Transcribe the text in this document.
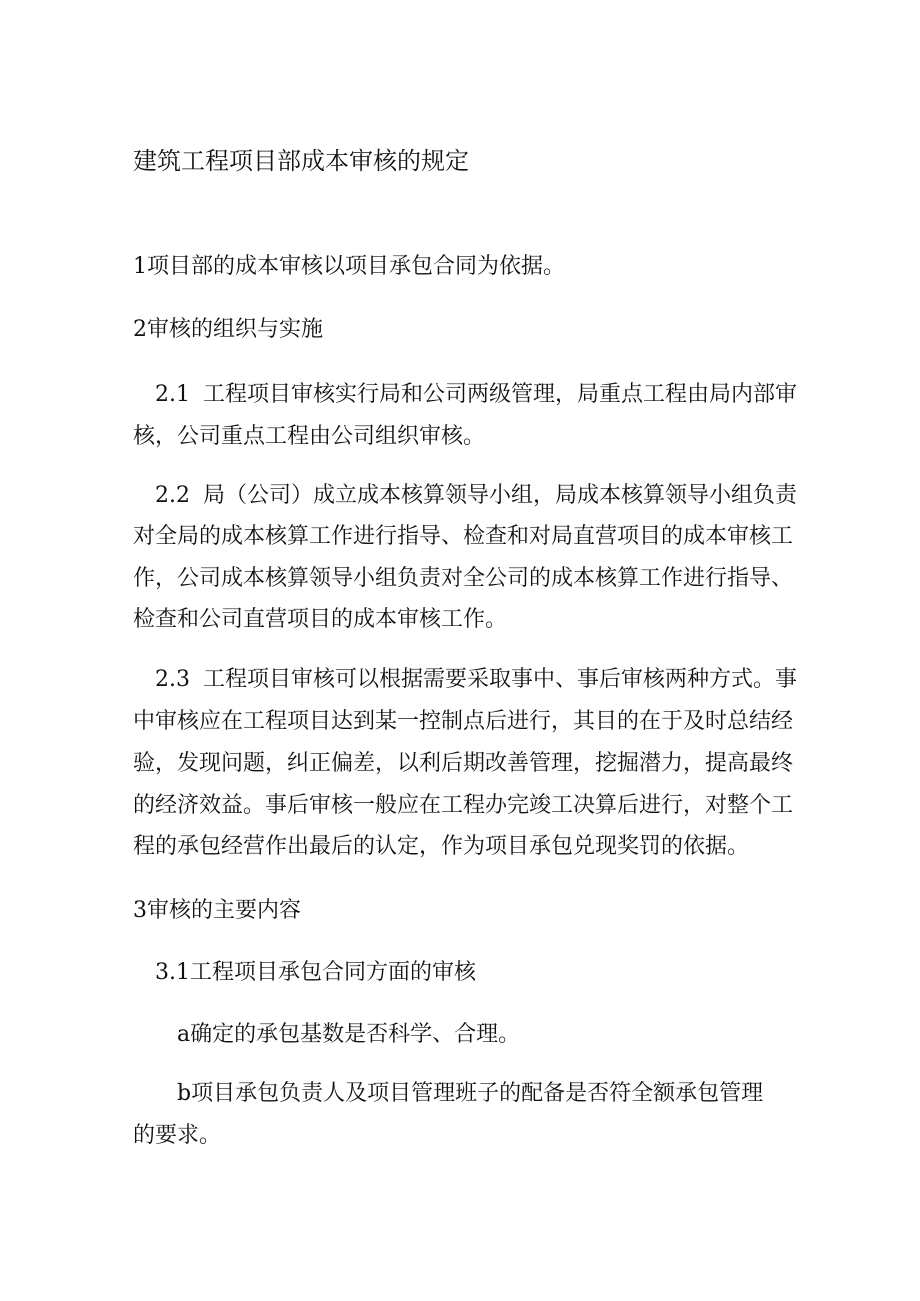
建筑工程项目部成本审核的规定
1项目部的成本审核以项目承包合同为依据。
2审核的组织与实施
2.1 工程项目审核实行局和公司两级管理，局重点工程由局内部审
核，公司重点工程由公司组织审核。
2.2 局（公司）成立成本核算领导小组，局成本核算领导小组负责
对全局的成本核算工作进行指导、检查和对局直营项目的成本审核工
作，公司成本核算领导小组负责对全公司的成本核算工作进行指导、
检查和公司直营项目的成本审核工作。
2.3 工程项目审核可以根据需要采取事中、事后审核两种方式。事
中审核应在工程项目达到某一控制点后进行，其目的在于及时总结经
验，发现问题，纠正偏差，以利后期改善管理，挖掘潜力，提高最终
的经济效益。事后审核一般应在工程办完竣工决算后进行，对整个工
程的承包经营作出最后的认定，作为项目承包兑现奖罚的依据。
3审核的主要内容
3.1工程项目承包合同方面的审核
a确定的承包基数是否科学、合理。
b项目承包负责人及项目管理班子的配备是否符全额承包管理
的要求。
